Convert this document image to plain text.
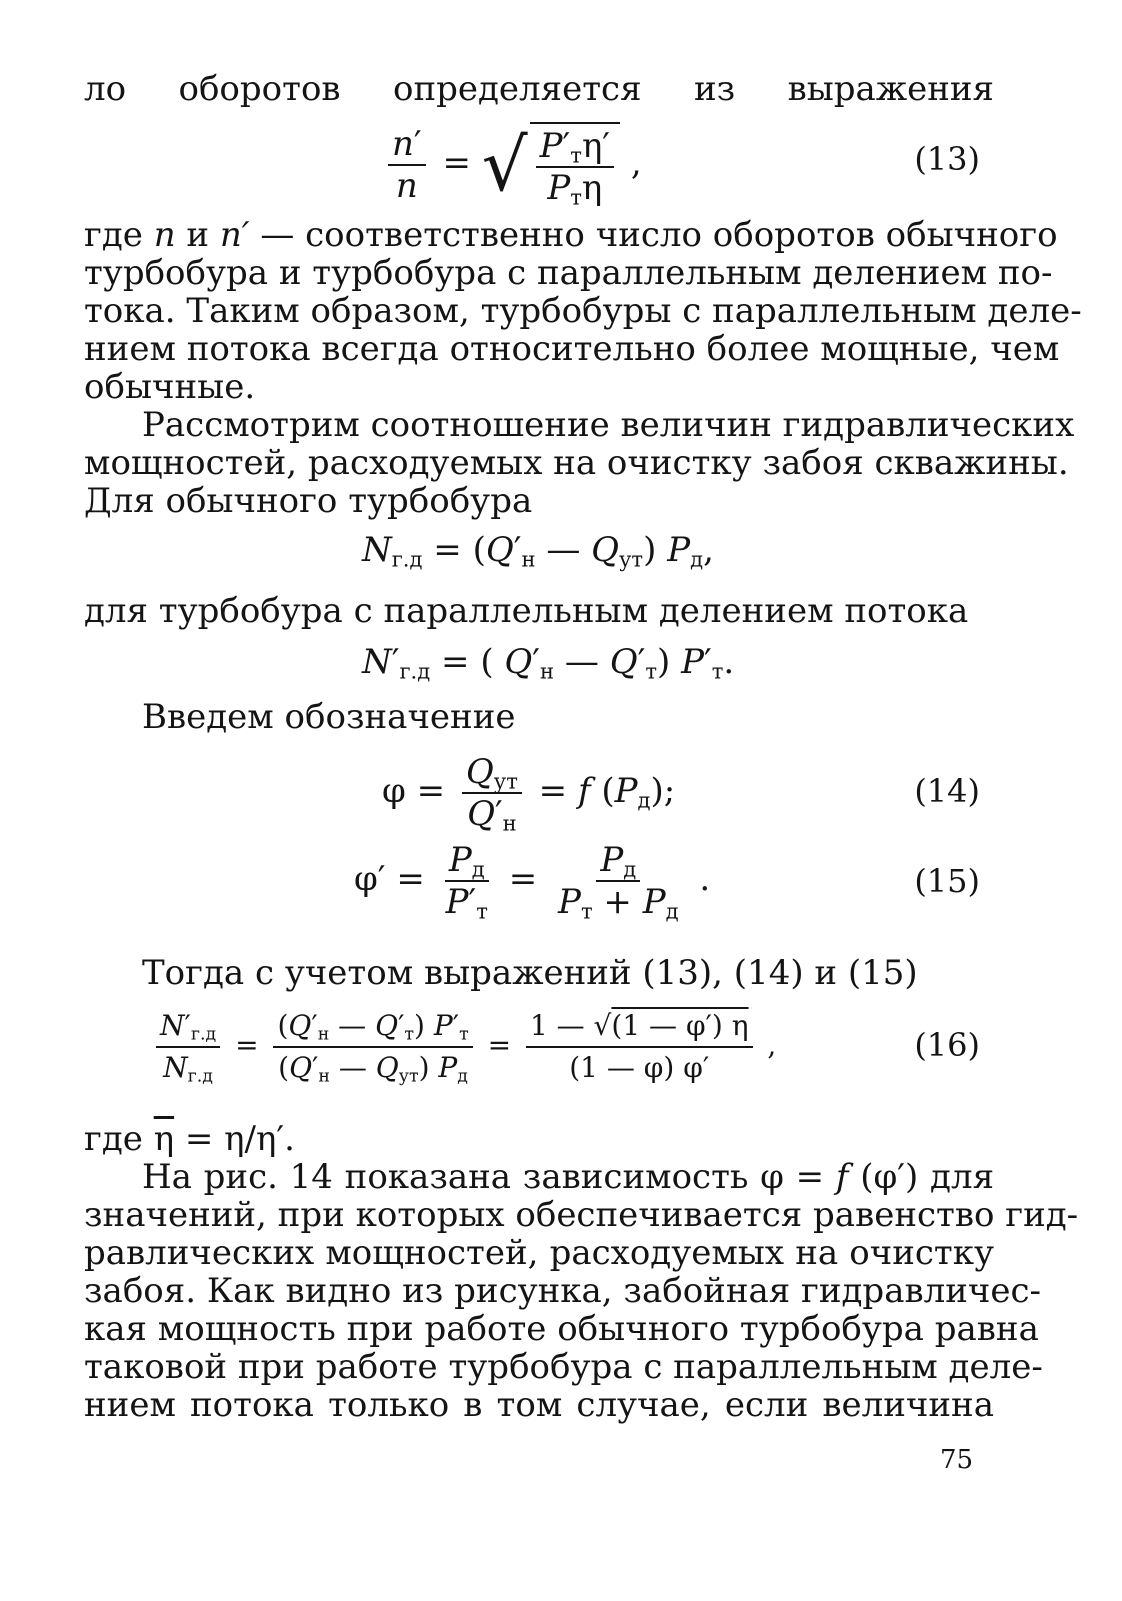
ло оборотов определяется из выражения
$\frac{n'}{n}$ = √ $\frac{P'_т\eta'}{P_т\eta}$ ,	(13)
где n и n′ — соответственно число оборотов обычного
турбобура и турбобура с параллельным делением по-
тока. Таким образом, турбобуры с параллельным деле-
нием потока всегда относительно более мощные, чем
обычные.
Рассмотрим соотношение величин гидравлических
мощностей, расходуемых на очистку забоя скважины.
Для обычного турбобура
$N_{г.д} = (Q'_н$ — $Q_{ут}$) $P_д$,
для турбобура с параллельным делением потока
$N'_{г.д}$ = ( $Q'_н$ — $Q'_т$) $P'_т$.
Введем обозначение
$\varphi = \frac{Q_{ут}}{Q'_н} = f$ $(P_д)$;	(14)
$\varphi' = \frac{P_д}{P'_т} = \frac{P_д}{P_т + P_д}$ .	(15)
Тогда с учетом выражений (13), (14) и (15)
$\frac{N'_{г.д}}{N_{г.д}} = \frac{(Q'_н — Q'_т) P'_т}{(Q'_н — Q_{ут}) P_д} = \frac{1 — √(1 — \varphi') \eta}{(1 — \varphi) \varphi'}$ ,	(16)
где $\overline{\eta} = \eta/\eta'$.
На рис. 14 показана зависимость φ = f (φ′) для
значений, при которых обеспечивается равенство гид-
равлических мощностей, расходуемых на очистку
забоя. Как видно из рисунка, забойная гидравличес-
кая мощность при работе обычного турбобура равна
таковой при работе турбобура с параллельным деле-
нием потока только в том случае, если величина
75
